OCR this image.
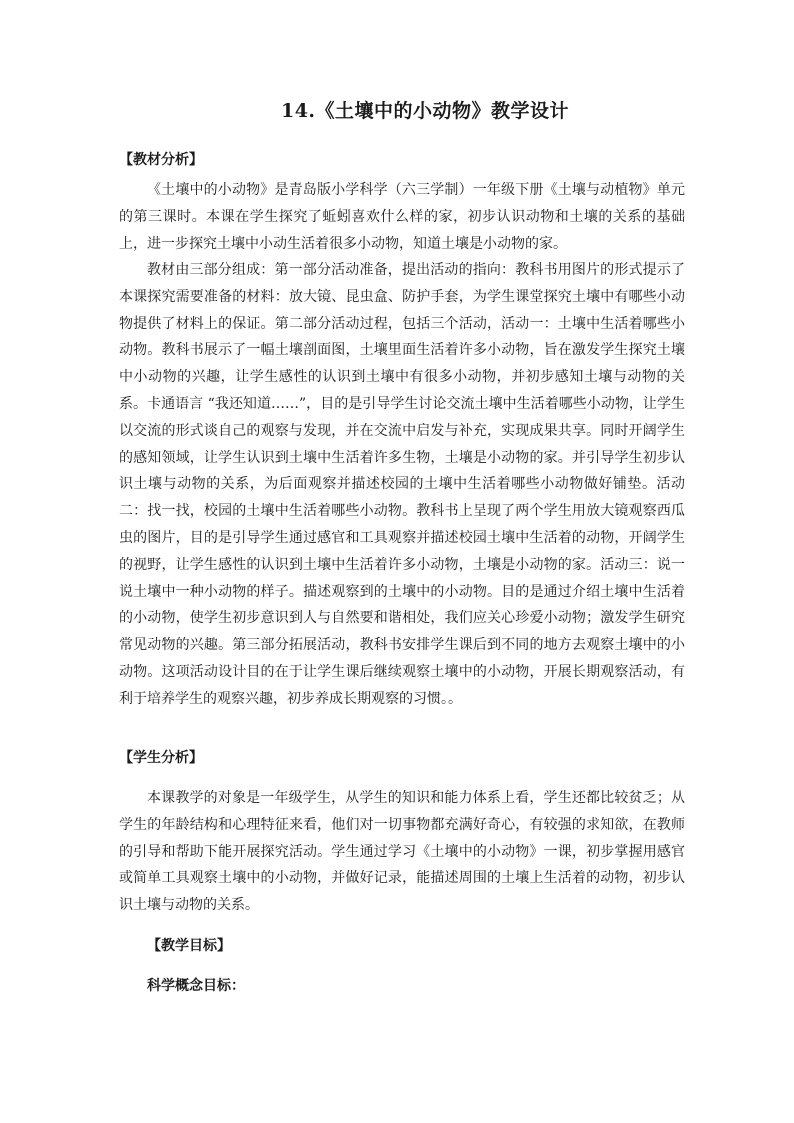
14.《土壤中的小动物》教学设计
【教材分析】

《土壤中的小动物》是青岛版小学科学（六三学制）一年级下册《土壤与动植物》单元的第三课时。本课在学生探究了蚯蚓喜欢什么样的家，初步认识动物和土壤的关系的基础上，进一步探究土壤中小动生活着很多小动物，知道土壤是小动物的家。

教材由三部分组成：第一部分活动准备，提出活动的指向：教科书用图片的形式提示了本课探究需要准备的材料：放大镜、昆虫盒、防护手套，为学生课堂探究土壤中有哪些小动物提供了材料上的保证。第二部分活动过程，包括三个活动，活动一：土壤中生活着哪些小动物。教科书展示了一幅土壤剖面图，土壤里面生活着许多小动物，旨在激发学生探究土壤中小动物的兴趣，让学生感性的认识到土壤中有很多小动物，并初步感知土壤与动物的关系。卡通语言 “我还知道……”，目的是引导学生讨论交流土壤中生活着哪些小动物，让学生以交流的形式谈自己的观察与发现，并在交流中启发与补充，实现成果共享。同时开阔学生的感知领域，让学生认识到土壤中生活着许多生物，土壤是小动物的家。并引导学生初步认识土壤与动物的关系，为后面观察并描述校园的土壤中生活着哪些小动物做好铺垫。活动二：找一找，校园的土壤中生活着哪些小动物。教科书上呈现了两个学生用放大镜观察西瓜虫的图片，目的是引导学生通过感官和工具观察并描述校园土壤中生活着的动物，开阔学生的视野，让学生感性的认识到土壤中生活着许多小动物，土壤是小动物的家。活动三：说一说土壤中一种小动物的样子。描述观察到的土壤中的小动物。目的是通过介绍土壤中生活着的小动物，使学生初步意识到人与自然要和谐相处，我们应关心珍爱小动物；激发学生研究常见动物的兴趣。第三部分拓展活动，教科书安排学生课后到不同的地方去观察土壤中的小动物。这项活动设计目的在于让学生课后继续观察土壤中的小动物，开展长期观察活动，有利于培养学生的观察兴趣，初步养成长期观察的习惯。。

【学生分析】

本课教学的对象是一年级学生，从学生的知识和能力体系上看，学生还都比较贫乏；从学生的年龄结构和心理特征来看，他们对一切事物都充满好奇心，有较强的求知欲，在教师的引导和帮助下能开展探究活动。学生通过学习《土壤中的小动物》一课，初步掌握用感官或简单工具观察土壤中的小动物，并做好记录，能描述周围的土壤上生活着的动物，初步认识土壤与动物的关系。

【教学目标】
科学概念目标：
